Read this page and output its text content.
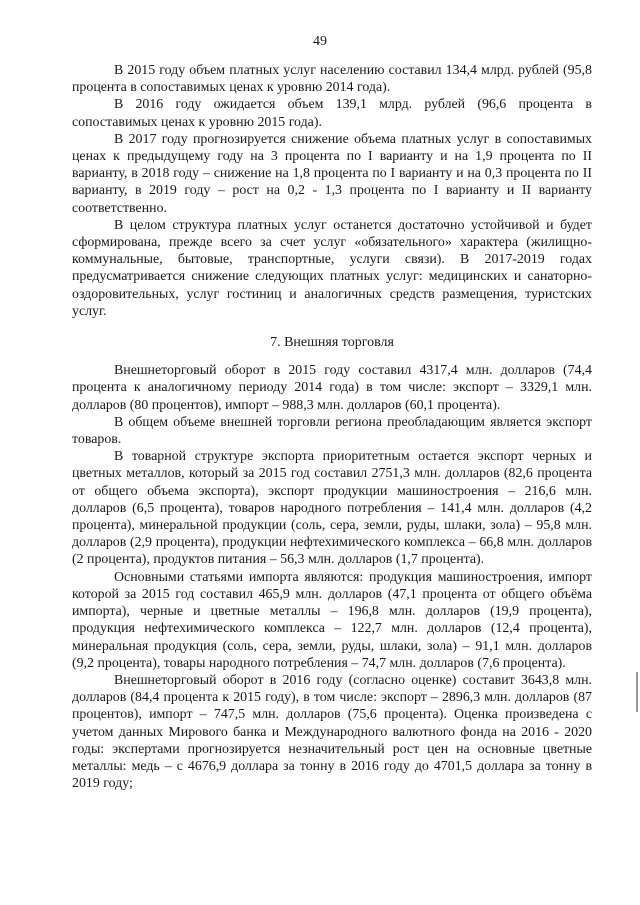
49

В 2015 году объем платных услуг населению составил 134,4 млрд. рублей (95,8 процента в сопоставимых ценах к уровню 2014 года).

В 2016 году ожидается объем 139,1 млрд. рублей (96,6 процента в сопоставимых ценах к уровню 2015 года).

В 2017 году прогнозируется снижение объема платных услуг в сопоставимых ценах к предыдущему году на 3 процента по I варианту и на 1,9 процента по II варианту, в 2018 году – снижение на 1,8 процента по I варианту и на 0,3 процента по II варианту, в 2019 году – рост на 0,2 - 1,3 процента по I варианту и II варианту соответственно.

В целом структура платных услуг останется достаточно устойчивой и будет сформирована, прежде всего за счет услуг «обязательного» характера (жилищно-коммунальные, бытовые, транспортные, услуги связи). В 2017-2019 годах предусматривается снижение следующих платных услуг: медицинских и санаторно-оздоровительных, услуг гостиниц и аналогичных средств размещения, туристских услуг.

7. Внешняя торговля

Внешнеторговый оборот в 2015 году составил 4317,4 млн. долларов (74,4 процента к аналогичному периоду 2014 года) в том числе: экспорт – 3329,1 млн. долларов (80 процентов), импорт – 988,3 млн. долларов (60,1 процента).

В общем объеме внешней торговли региона преобладающим является экспорт товаров.

В товарной структуре экспорта приоритетным остается экспорт черных и цветных металлов, который за 2015 год составил 2751,3 млн. долларов (82,6 процента от общего объема экспорта), экспорт продукции машиностроения – 216,6 млн. долларов (6,5 процента), товаров народного потребления – 141,4 млн. долларов (4,2 процента), минеральной продукции (соль, сера, земли, руды, шлаки, зола) – 95,8 млн. долларов (2,9 процента), продукции нефтехимического комплекса – 66,8 млн. долларов (2 процента), продуктов питания – 56,3 млн. долларов (1,7 процента).

Основными статьями импорта являются: продукция машиностроения, импорт которой за 2015 год составил 465,9 млн. долларов (47,1 процента от общего объёма импорта), черные и цветные металлы – 196,8 млн. долларов (19,9 процента), продукция нефтехимического комплекса – 122,7 млн. долларов (12,4 процента), минеральная продукция (соль, сера, земли, руды, шлаки, зола) – 91,1 млн. долларов (9,2 процента), товары народного потребления – 74,7 млн. долларов (7,6 процента).

Внешнеторговый оборот в 2016 году (согласно оценке) составит 3643,8 млн. долларов (84,4 процента к 2015 году), в том числе: экспорт – 2896,3 млн. долларов (87 процентов), импорт – 747,5 млн. долларов (75,6 процента). Оценка произведена с учетом данных Мирового банка и Международного валютного фонда на 2016 - 2020 годы: экспертами прогнозируется незначительный рост цен на основные цветные металлы: медь – с 4676,9 доллара за тонну в 2016 году до 4701,5 доллара за тонну в 2019 году;
